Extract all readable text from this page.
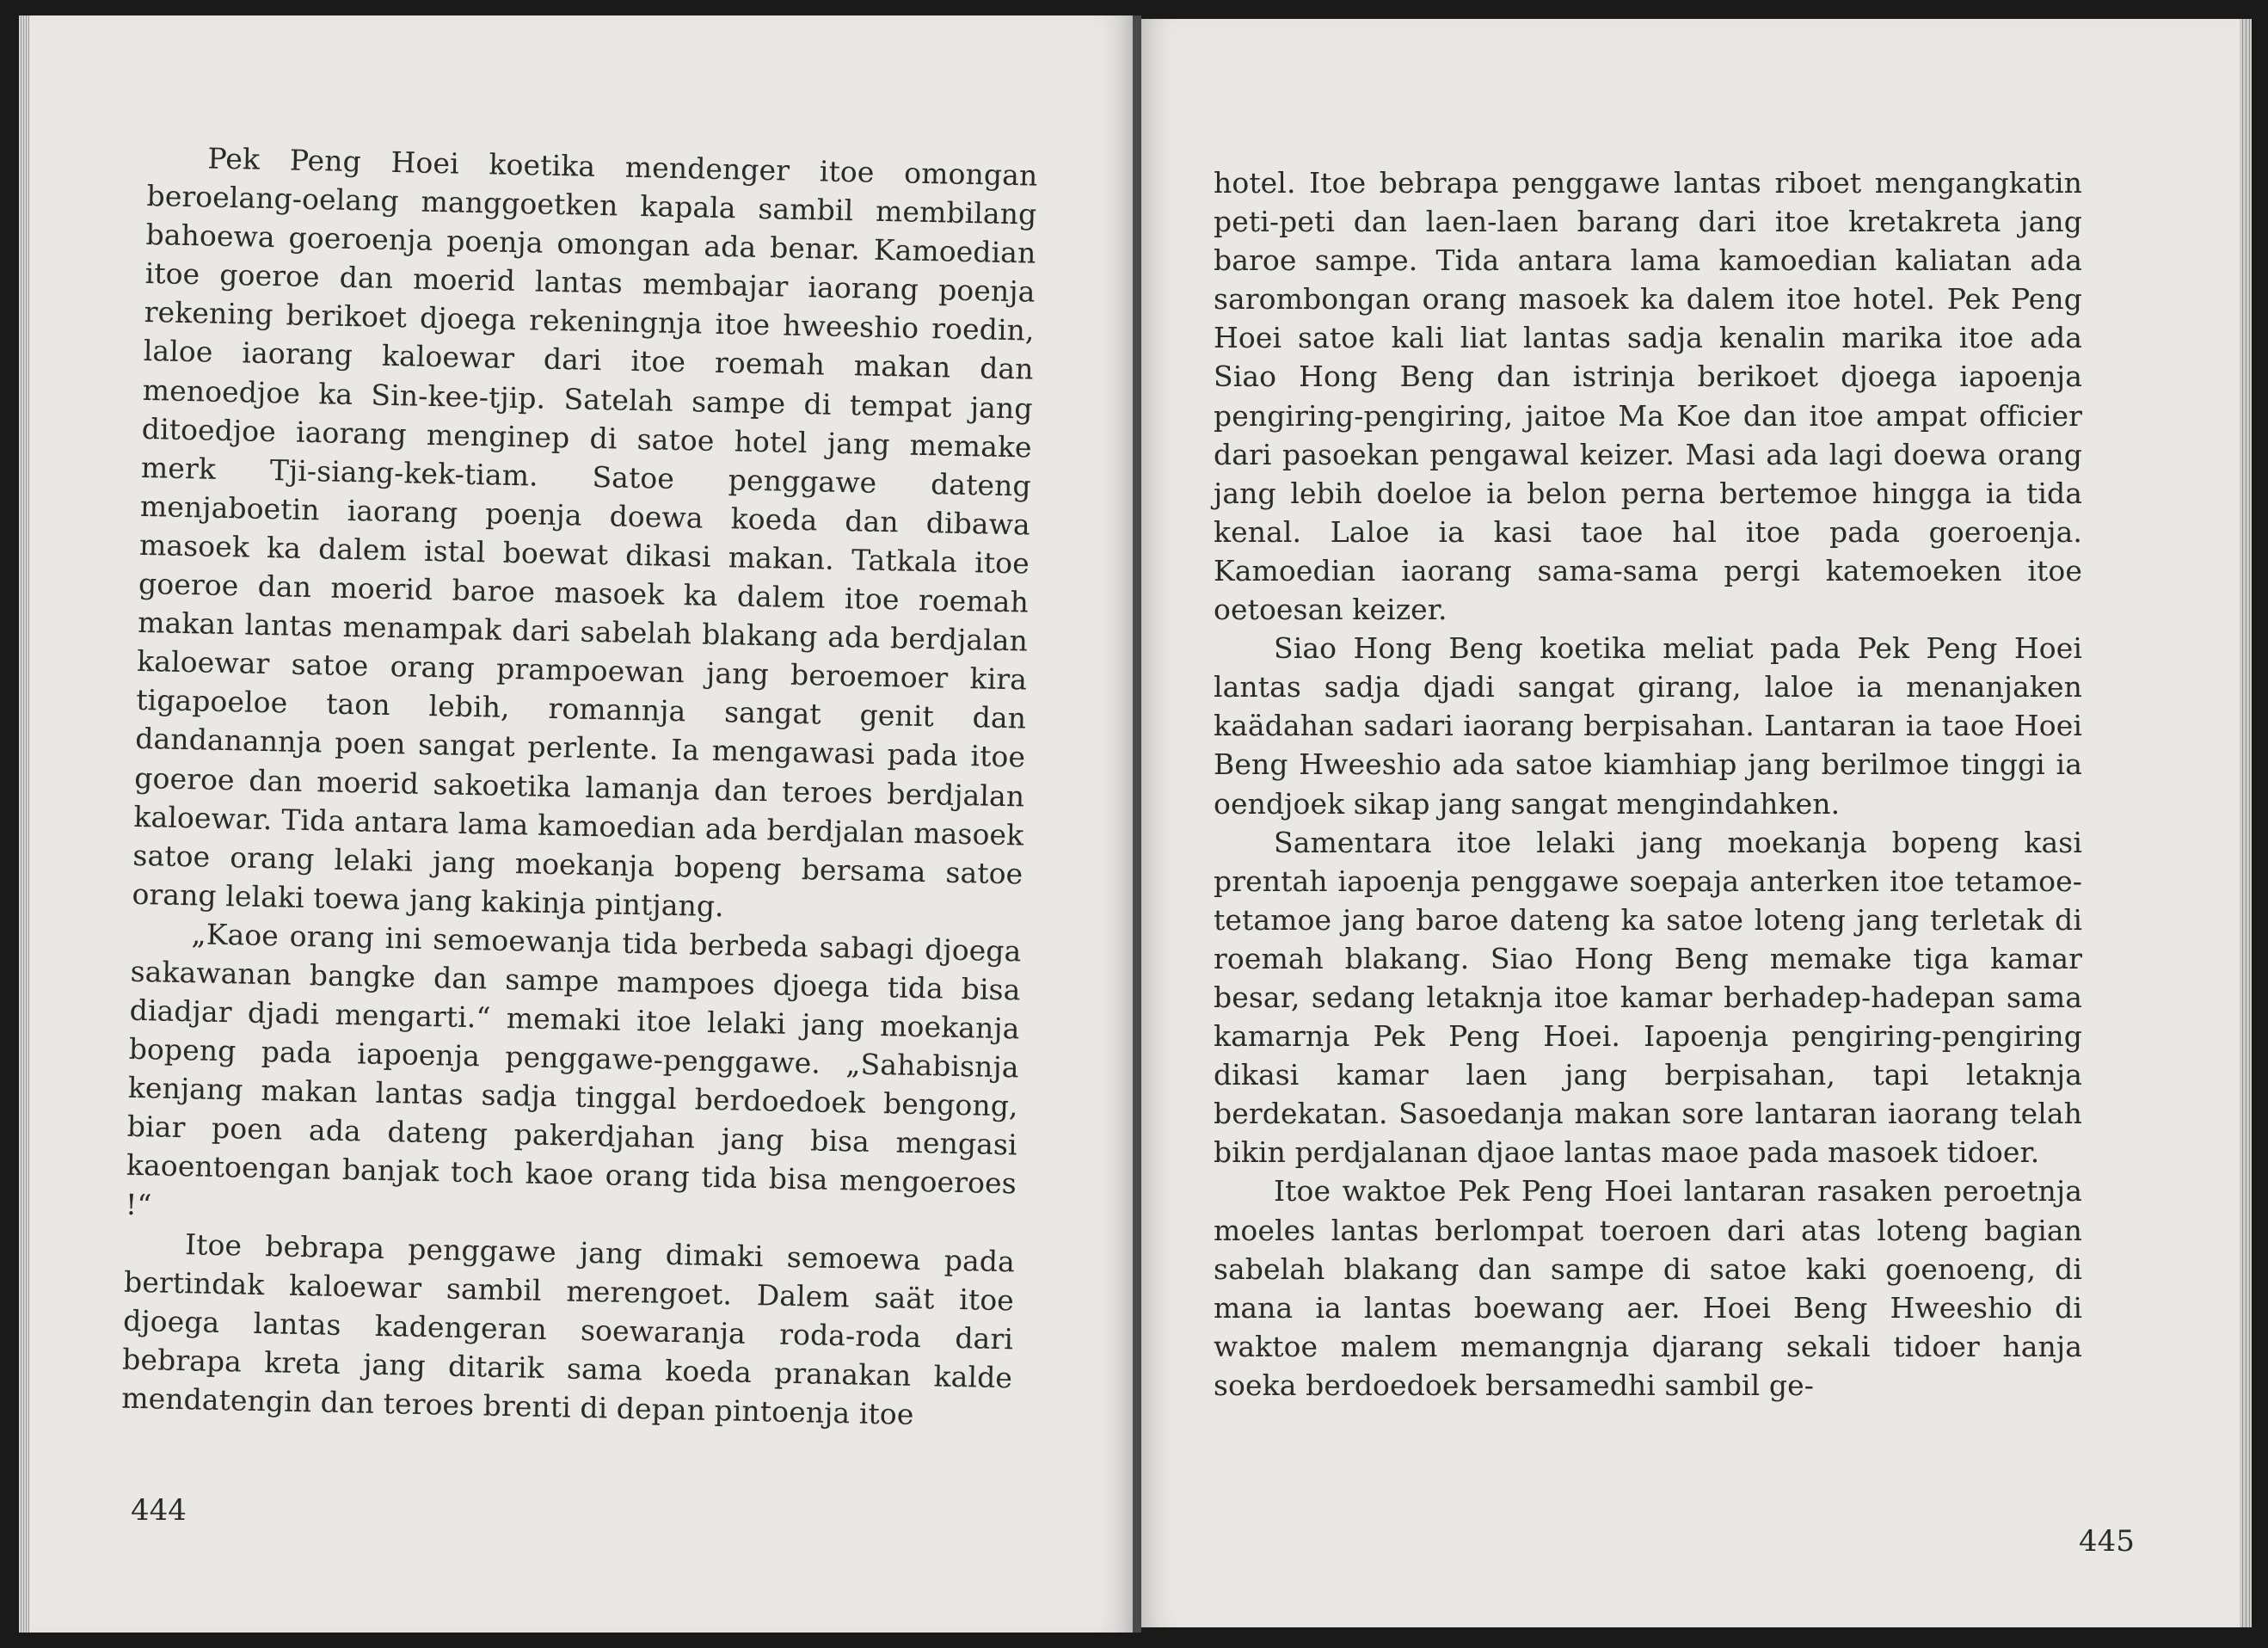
Pek Peng Hoei koetika mendenger itoe omongan beroelang-oelang manggoetken kapala sambil membilang bahoewa goeroenja poenja omongan ada benar. Kamoedian itoe goeroe dan moerid lantas membajar iaorang poenja rekening berikoet djoega rekeningnja itoe hweeshio roedin, laloe iaorang kaloewar dari itoe roemah makan dan menoedjoe ka Sin-kee-tjip. Satelah sampe di tempat jang ditoedjoe iaorang menginep di satoe hotel jang memake merk Tji-siang-kek-tiam. Satoe penggawe dateng menjaboetin iaorang poenja doewa koeda dan dibawa masoek ka dalem istal boewat dikasi makan. Tatkala itoe goeroe dan moerid baroe masoek ka dalem itoe roemah makan lantas menampak dari sabelah blakang ada berdjalan kaloewar satoe orang prampoewan jang beroemoer kira tigapoeloe taon lebih, romannja sangat genit dan dandanannja poen sangat perlente. Ia mengawasi pada itoe goeroe dan moerid sakoetika lamanja dan teroes berdjalan kaloewar. Tida antara lama kamoedian ada berdjalan masoek satoe orang lelaki jang moekanja bopeng bersama satoe orang lelaki toewa jang kakinja pintjang.

„Kaoe orang ini semoewanja tida berbeda sabagi djoega sakawanan bangke dan sampe mampoes djoega tida bisa diadjar djadi mengarti.“ memaki itoe lelaki jang moekanja bopeng pada iapoenja penggawe-penggawe. „Sahabisnja kenjang makan lantas sadja tinggal berdoedoek bengong, biar poen ada dateng pakerdjahan jang bisa mengasi kaoentoengan banjak toch kaoe orang tida bisa mengoeroes !“

Itoe bebrapa penggawe jang dimaki semoewa pada bertindak kaloewar sambil merengoet. Dalem saät itoe djoega lantas kadengeran soewaranja roda-roda dari bebrapa kreta jang ditarik sama koeda pranakan kalde mendatengin dan teroes brenti di depan pintoenja itoe

444

hotel. Itoe bebrapa penggawe lantas riboet mengangkatin peti-peti dan laen-laen barang dari itoe kretakreta jang baroe sampe. Tida antara lama kamoedian kaliatan ada sarombongan orang masoek ka dalem itoe hotel. Pek Peng Hoei satoe kali liat lantas sadja kenalin marika itoe ada Siao Hong Beng dan istrinja berikoet djoega iapoenja pengiring-pengiring, jaitoe Ma Koe dan itoe ampat officier dari pasoekan pengawal keizer. Masi ada lagi doewa orang jang lebih doeloe ia belon perna bertemoe hingga ia tida kenal. Laloe ia kasi taoe hal itoe pada goeroenja. Kamoedian iaorang sama-sama pergi katemoeken itoe oetoesan keizer.

Siao Hong Beng koetika meliat pada Pek Peng Hoei lantas sadja djadi sangat girang, laloe ia menanjaken kaädahan sadari iaorang berpisahan. Lantaran ia taoe Hoei Beng Hweeshio ada satoe kiamhiap jang berilmoe tinggi ia oendjoek sikap jang sangat mengindahken.

Samentara itoe lelaki jang moekanja bopeng kasi prentah iapoenja penggawe soepaja anterken itoe tetamoe-tetamoe jang baroe dateng ka satoe loteng jang terletak di roemah blakang. Siao Hong Beng memake tiga kamar besar, sedang letaknja itoe kamar berhadep-hadepan sama kamarnja Pek Peng Hoei. Iapoenja pengiring-pengiring dikasi kamar laen jang berpisahan, tapi letaknja berdekatan. Sasoedanja makan sore lantaran iaorang telah bikin perdjalanan djaoe lantas maoe pada masoek tidoer.

Itoe waktoe Pek Peng Hoei lantaran rasaken peroetnja moeles lantas berlompat toeroen dari atas loteng bagian sabelah blakang dan sampe di satoe kaki goenoeng, di mana ia lantas boewang aer. Hoei Beng Hweeshio di waktoe malem memangnja djarang sekali tidoer hanja soeka berdoedoek bersamedhi sambil ge-

445
